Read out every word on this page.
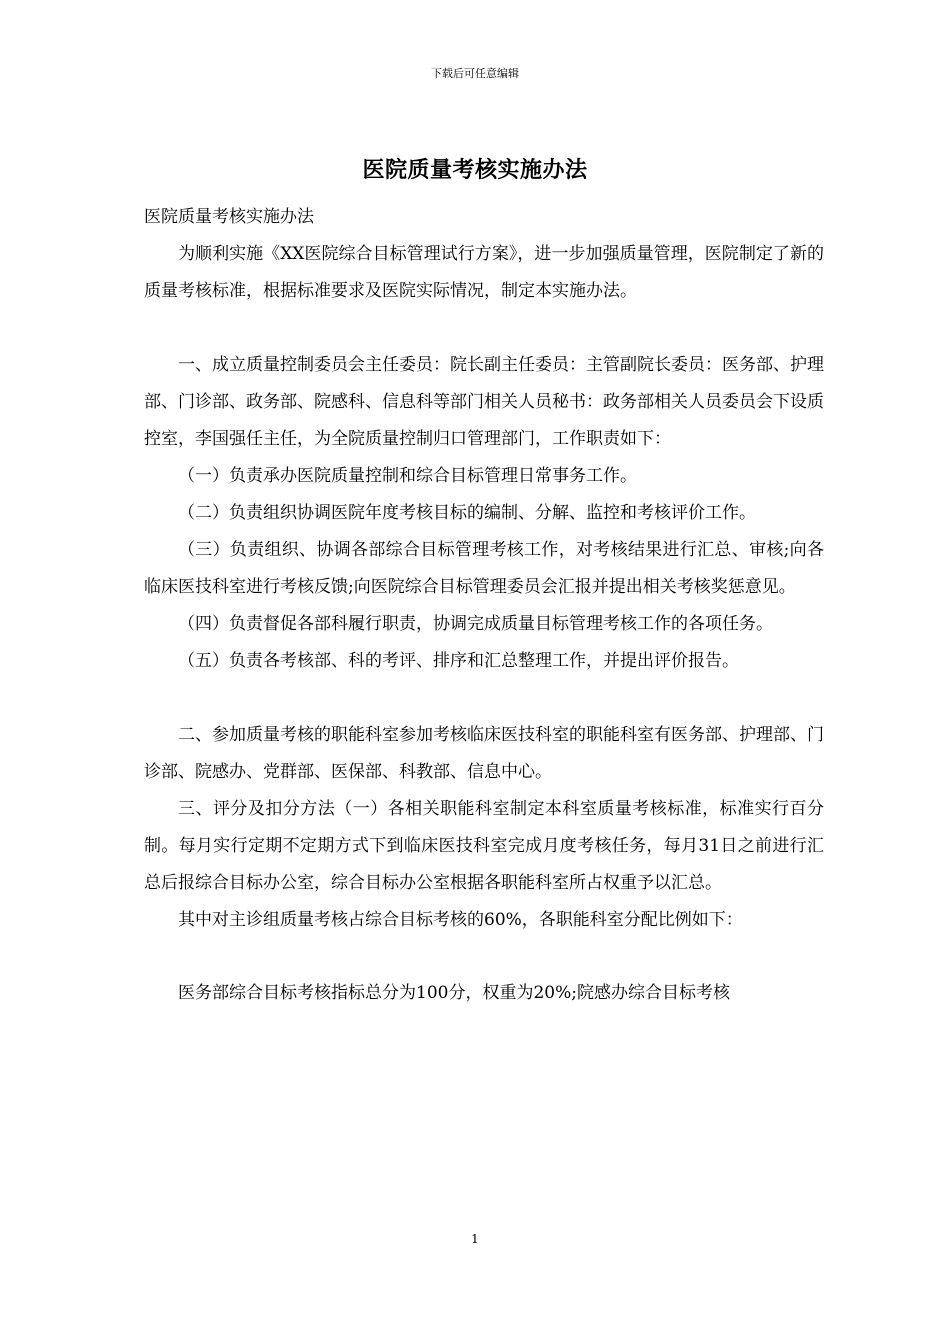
下载后可任意编辑
医院质量考核实施办法

医院质量考核实施办法

为顺利实施《XX医院综合目标管理试行方案》，进一步加强质量管理，医院制定了新的质量考核标准，根据标准要求及医院实际情况，制定本实施办法。

一、成立质量控制委员会主任委员：院长副主任委员：主管副院长委员：医务部、护理部、门诊部、政务部、院感科、信息科等部门相关人员秘书：政务部相关人员委员会下设质控室，李国强任主任，为全院质量控制归口管理部门，工作职责如下：

（一）负责承办医院质量控制和综合目标管理日常事务工作。

（二）负责组织协调医院年度考核目标的编制、分解、监控和考核评价工作。

（三）负责组织、协调各部综合目标管理考核工作，对考核结果进行汇总、审核;向各临床医技科室进行考核反馈;向医院综合目标管理委员会汇报并提出相关考核奖惩意见。

（四）负责督促各部科履行职责，协调完成质量目标管理考核工作的各项任务。

（五）负责各考核部、科的考评、排序和汇总整理工作，并提出评价报告。

二、参加质量考核的职能科室参加考核临床医技科室的职能科室有医务部、护理部、门诊部、院感办、党群部、医保部、科教部、信息中心。

三、评分及扣分方法（一）各相关职能科室制定本科室质量考核标准，标准实行百分制。每月实行定期不定期方式下到临床医技科室完成月度考核任务，每月31日之前进行汇总后报综合目标办公室，综合目标办公室根据各职能科室所占权重予以汇总。

其中对主诊组质量考核占综合目标考核的60%，各职能科室分配比例如下：

医务部综合目标考核指标总分为100分，权重为20%;院感办综合目标考核

1
